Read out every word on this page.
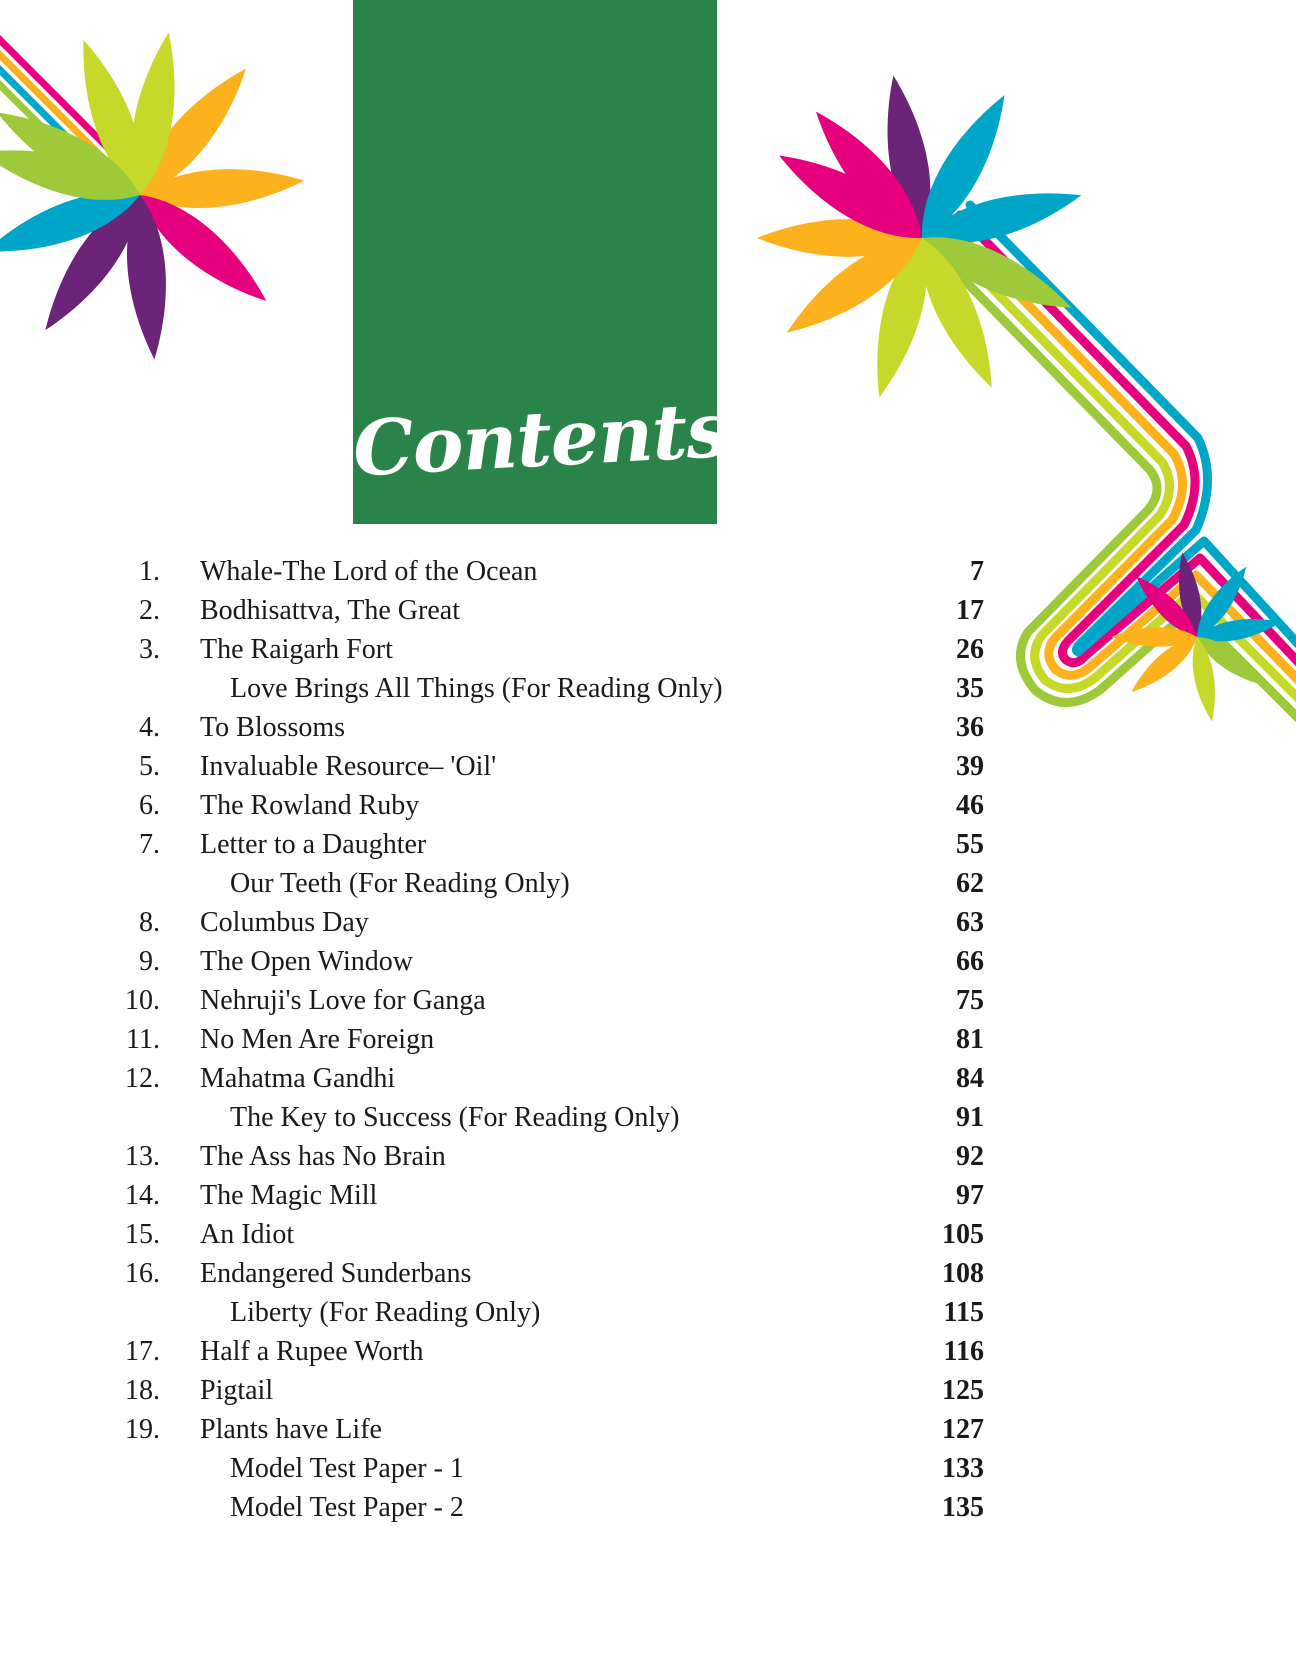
Contents
1. Whale-The Lord of the Ocean	7
2. Bodhisattva, The Great	17
3. The Raigarh Fort	26
Love Brings All Things (For Reading Only)	35
4. To Blossoms	36
5. Invaluable Resource– 'Oil'	39
6. The Rowland Ruby	46
7. Letter to a Daughter	55
Our Teeth (For Reading Only)	62
8. Columbus Day	63
9. The Open Window	66
10. Nehruji's Love for Ganga	75
11. No Men Are Foreign	81
12. Mahatma Gandhi	84
The Key to Success (For Reading Only)	91
13. The Ass has No Brain	92
14. The Magic Mill	97
15. An Idiot	105
16. Endangered Sunderbans	108
Liberty (For Reading Only)	115
17. Half a Rupee Worth	116
18. Pigtail	125
19. Plants have Life	127
Model Test Paper - 1	133
Model Test Paper - 2	135
